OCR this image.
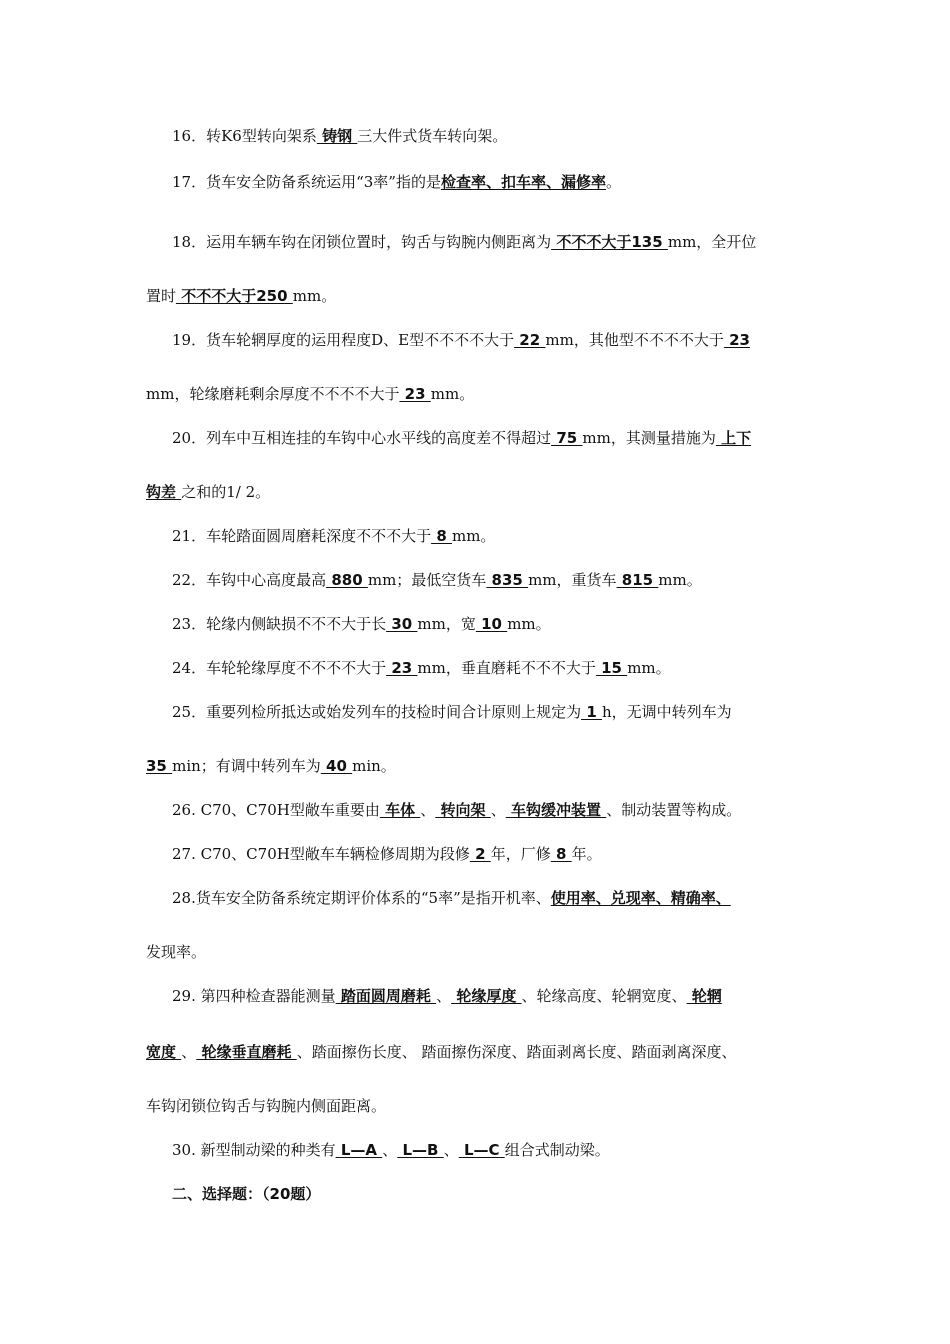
16．转K6型转向架系 铸钢 三大件式货车转向架。
17．货车安全防备系统运用“3率”指的是检查率、扣车率、漏修率。
18．运用车辆车钩在闭锁位置时，钩舌与钩腕内侧距离为 不不不大于135 mm，全开位
置时 不不不大于250 mm。
19．货车轮辋厚度的运用程度D、E型不不不不大于 22 mm，其他型不不不不大于 23
mm，轮缘磨耗剩余厚度不不不不大于 23 mm。
20．列车中互相连挂的车钩中心水平线的高度差不得超过 75 mm，其测量措施为 上下
钩差 之和的1/ 2。
21．车轮踏面圆周磨耗深度不不不大于 8 mm。
22．车钩中心高度最高 880 mm；最低空货车 835 mm，重货车 815 mm。
23．轮缘内侧缺损不不不大于长 30 mm，宽 10 mm。
24．车轮轮缘厚度不不不不大于 23 mm，垂直磨耗不不不大于 15 mm。
25．重要列检所抵达或始发列车的技检时间合计原则上规定为 1 h，无调中转列车为
35 min；有调中转列车为 40 min。
26. C70、C70H型敞车重要由 车体 、 转向架 、 车钩缓冲装置 、制动装置等构成。
27. C70、C70H型敞车车辆检修周期为段修 2 年，厂修 8 年。
28.货车安全防备系统定期评价体系的“5率”是指开机率、使用率、兑现率、精确率、
发现率。
29. 第四种检查器能测量 踏面圆周磨耗 、 轮缘厚度 、轮缘高度、轮辋宽度、 轮辋
宽度 、 轮缘垂直磨耗 、踏面擦伤长度、 踏面擦伤深度、踏面剥离长度、踏面剥离深度、
车钩闭锁位钩舌与钩腕内侧面距离。
30. 新型制动梁的种类有 L—A 、 L—B 、 L—C 组合式制动梁。
二、选择题：（20题）
